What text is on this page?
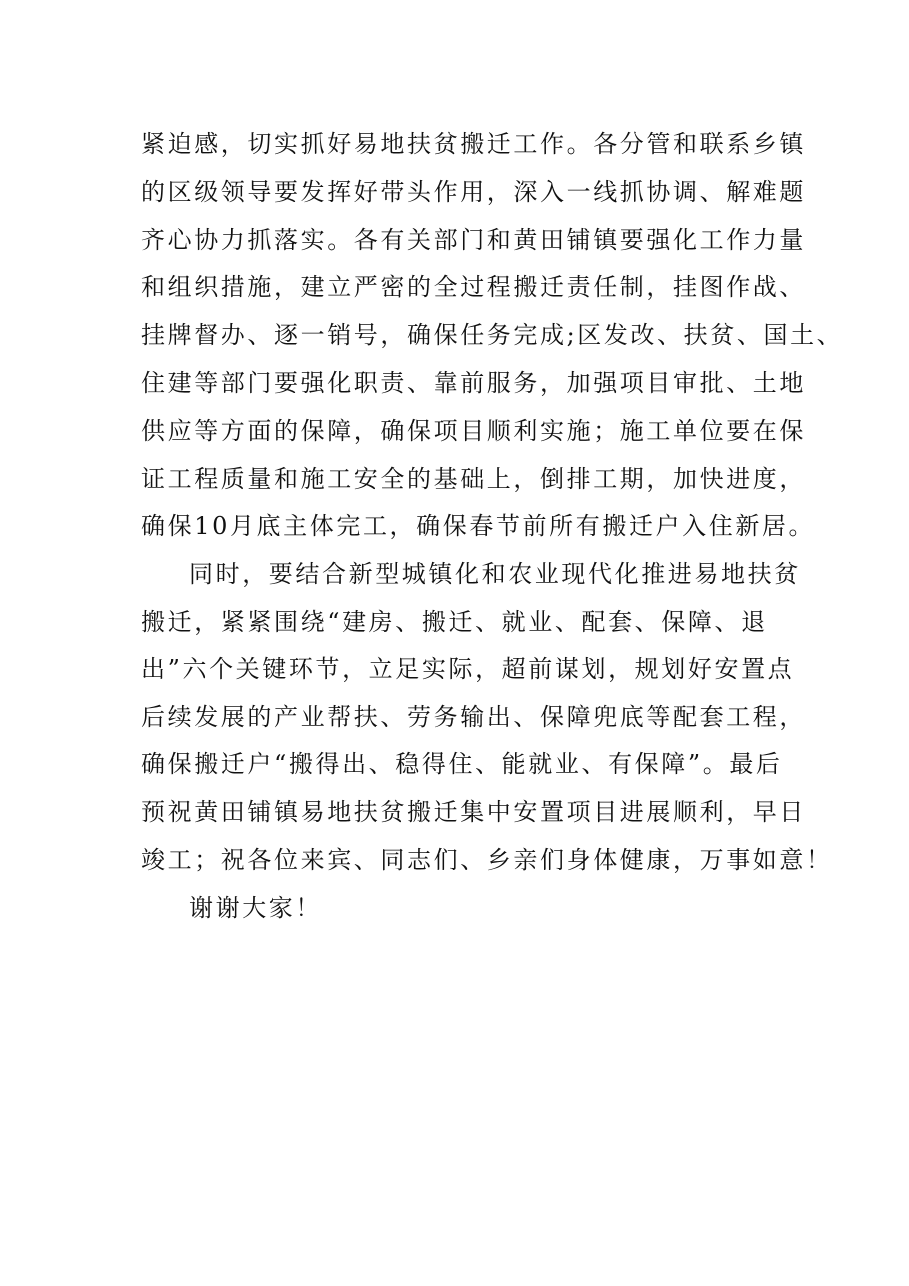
紧迫感，切实抓好易地扶贫搬迁工作。各分管和联系乡镇
的区级领导要发挥好带头作用，深入一线抓协调、解难题
齐心协力抓落实。各有关部门和黄田铺镇要强化工作力量
和组织措施，建立严密的全过程搬迁责任制，挂图作战、
挂牌督办、逐一销号，确保任务完成;区发改、扶贫、国土、
住建等部门要强化职责、靠前服务，加强项目审批、土地
供应等方面的保障，确保项目顺利实施；施工单位要在保
证工程质量和施工安全的基础上，倒排工期，加快进度，
确保10月底主体完工，确保春节前所有搬迁户入住新居。
同时，要结合新型城镇化和农业现代化推进易地扶贫
搬迁，紧紧围绕“建房、搬迁、就业、配套、保障、退
出”六个关键环节，立足实际，超前谋划，规划好安置点
后续发展的产业帮扶、劳务输出、保障兜底等配套工程，
确保搬迁户“搬得出、稳得住、能就业、有保障”。最后
预祝黄田铺镇易地扶贫搬迁集中安置项目进展顺利，早日
竣工；祝各位来宾、同志们、乡亲们身体健康，万事如意！
谢谢大家！
